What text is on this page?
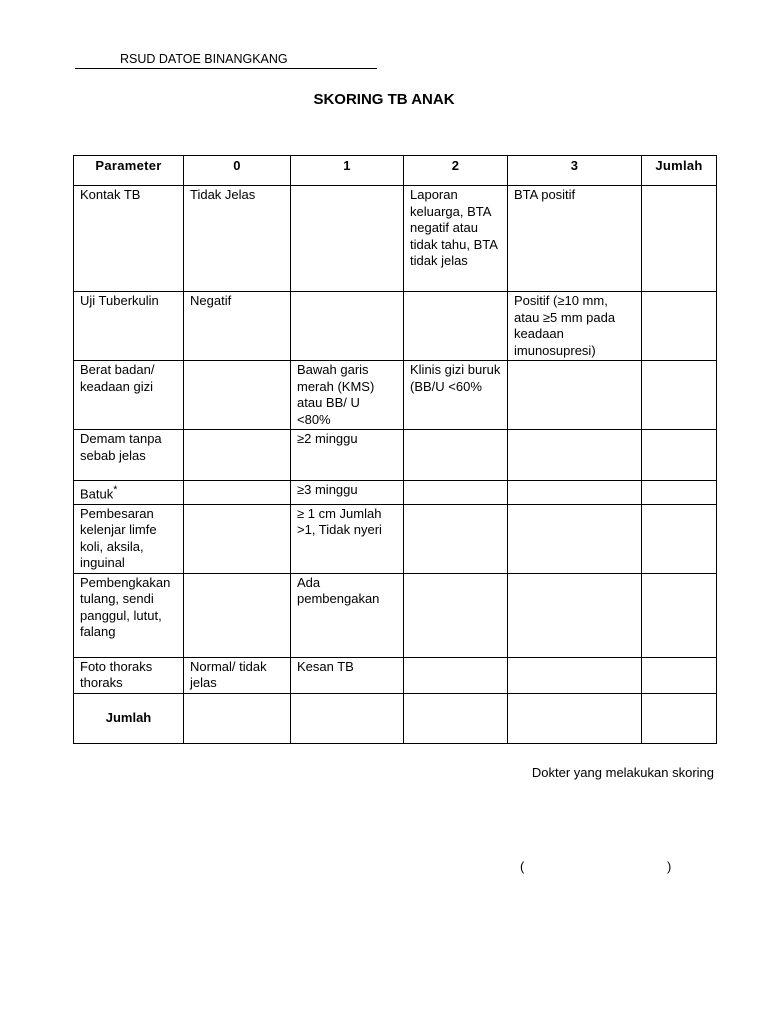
RSUD DATOE BINANGKANG
SKORING TB ANAK
Parameter	0	1	2	3	Jumlah
Kontak TB	Tidak Jelas		Laporan keluarga, BTA negatif atau tidak tahu, BTA tidak jelas	BTA positif	
Uji Tuberkulin	Negatif			Positif (≥10 mm, atau ≥5 mm pada keadaan imunosupresi)	
Berat badan/ keadaan gizi		Bawah garis merah (KMS) atau BB/ U <80%	Klinis gizi buruk (BB/U <60%		
Demam tanpa sebab jelas		≥2 minggu			
Batuk*		≥3 minggu			
Pembesaran kelenjar limfe koli, aksila, inguinal		≥ 1 cm Jumlah >1, Tidak nyeri			
Pembengkakan tulang, sendi panggul, lutut, falang		Ada pembengakan			
Foto thoraks thoraks	Normal/ tidak jelas	Kesan TB			
Jumlah					
Dokter yang melakukan skoring
(	)
